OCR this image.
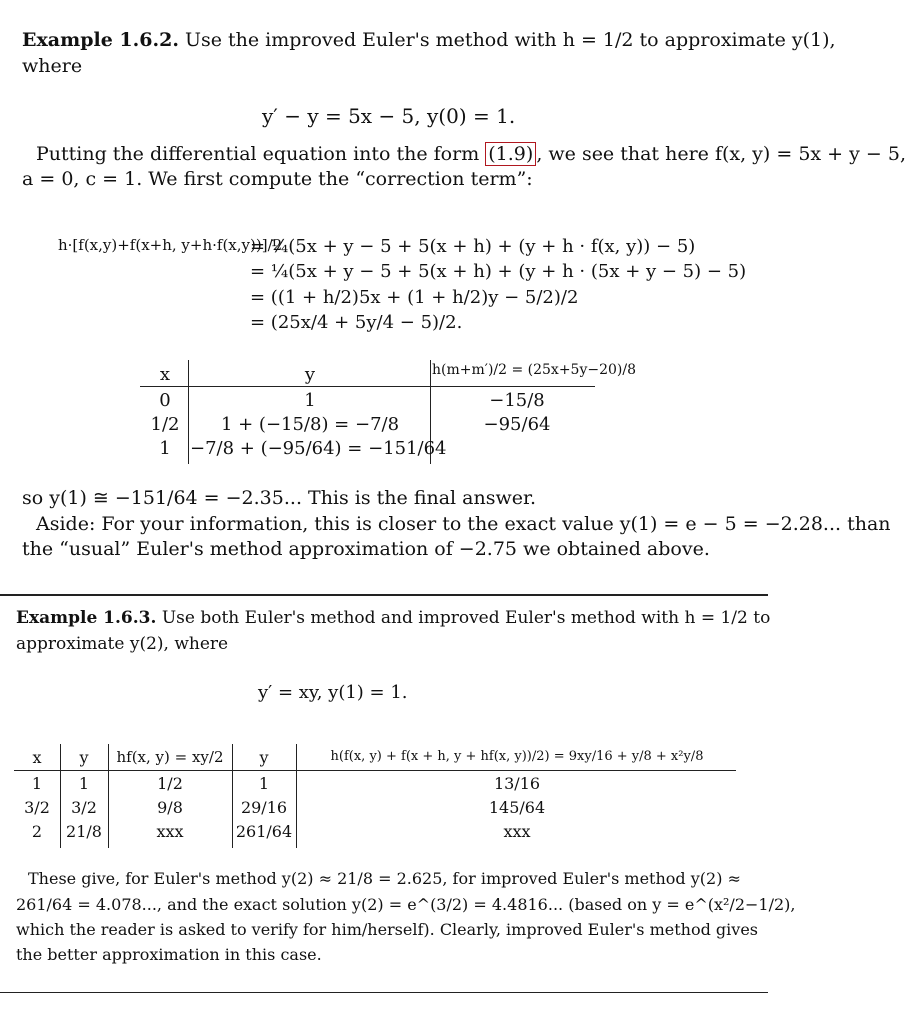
Example 1.6.2. Use the improved Euler's method with h = 1/2 to approximate y(1),
where
y′ − y = 5x − 5, y(0) = 1.
Putting the differential equation into the form (1.9) , we see that here f(x, y) = 5x + y − 5,
a = 0, c = 1. We first compute the “correction term”:
h·[f(x,y)+f(x+h, y+h·f(x,y))]/2
= ¼(5x + y − 5 + 5(x + h) + (y + h · f(x, y)) − 5)
= ¼(5x + y − 5 + 5(x + h) + (y + h · (5x + y − 5) − 5)
= ((1 + h/2)5x + (1 + h/2)y − 5/2)/2
= (25x/4 + 5y/4 − 5)/2.
x	y	h(m+m′)/2 = (25x+5y−20)/8
0	1	−15/8
1/2	1 + (−15/8) = −7/8	−95/64
1	−7/8 + (−95/64) = −151/64
so y(1) ≅ −151/64 = −2.35... This is the final answer.
Aside: For your information, this is closer to the exact value y(1) = e − 5 = −2.28... than
the “usual” Euler's method approximation of −2.75 we obtained above.
Example 1.6.3. Use both Euler's method and improved Euler's method with h = 1/2 to
approximate y(2), where
y′ = xy, y(1) = 1.
x	y	hf(x, y) = xy/2	y	h(f(x, y) + f(x + h, y + hf(x, y))/2) = 9xy/16 + y/8 + x²y/8
1	1	1/2	1	13/16
3/2	3/2	9/8	29/16	145/64
2	21/8	xxx	261/64	xxx
These give, for Euler's method y(2) ≈ 21/8 = 2.625, for improved Euler's method y(2) ≈
261/64 = 4.078..., and the exact solution y(2) = e^(3/2) = 4.4816... (based on y = e^(x²/2−1/2),
which the reader is asked to verify for him/herself). Clearly, improved Euler's method gives
the better approximation in this case.
